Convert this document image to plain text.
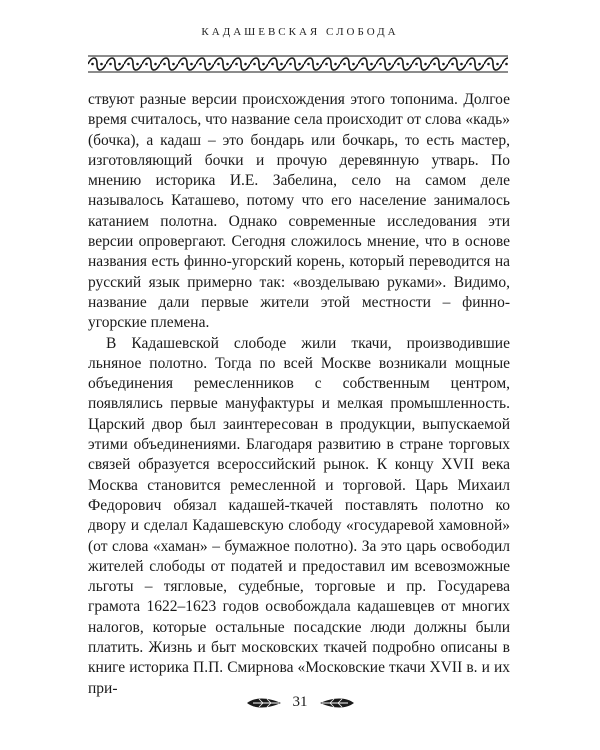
КАДАШЕВСКАЯ СЛОБОДА

ствуют разные версии происхождения этого топонима. Долгое время считалось, что название села происходит от слова «кадь» (бочка), а кадаш – это бондарь или бочкарь, то есть мастер, изготовляющий бочки и прочую деревянную утварь. По мнению историка И.Е. Забелина, село на самом деле называлось Каташево, потому что его население занималось катанием полотна. Однако современные исследования эти версии опровергают. Сегодня сложилось мнение, что в основе названия есть финно-угорский корень, который переводится на русский язык примерно так: «возделываю руками». Видимо, название дали первые жители этой местности – финно-угорские племена.

В Кадашевской слободе жили ткачи, производившие льняное полотно. Тогда по всей Москве возникали мощные объединения ремесленников с собственным центром, появлялись первые мануфактуры и мелкая промышленность. Царский двор был заинтересован в продукции, выпускаемой этими объединениями. Благодаря развитию в стране торговых связей образуется всероссийский рынок. К концу XVII века Москва становится ремесленной и торговой. Царь Михаил Федорович обязал кадашей-ткачей поставлять полотно ко двору и сделал Кадашевскую слободу «государевой хамовной» (от слова «хаман» – бумажное полотно). За это царь освободил жителей слободы от податей и предоставил им всевозможные льготы – тягловые, судебные, торговые и пр. Государева грамота 1622–1623 годов освобождала кадашевцев от многих налогов, которые остальные посадские люди должны были платить. Жизнь и быт московских ткачей подробно описаны в книге историка П.П. Смирнова «Московские ткачи XVII в. и их при-

31
